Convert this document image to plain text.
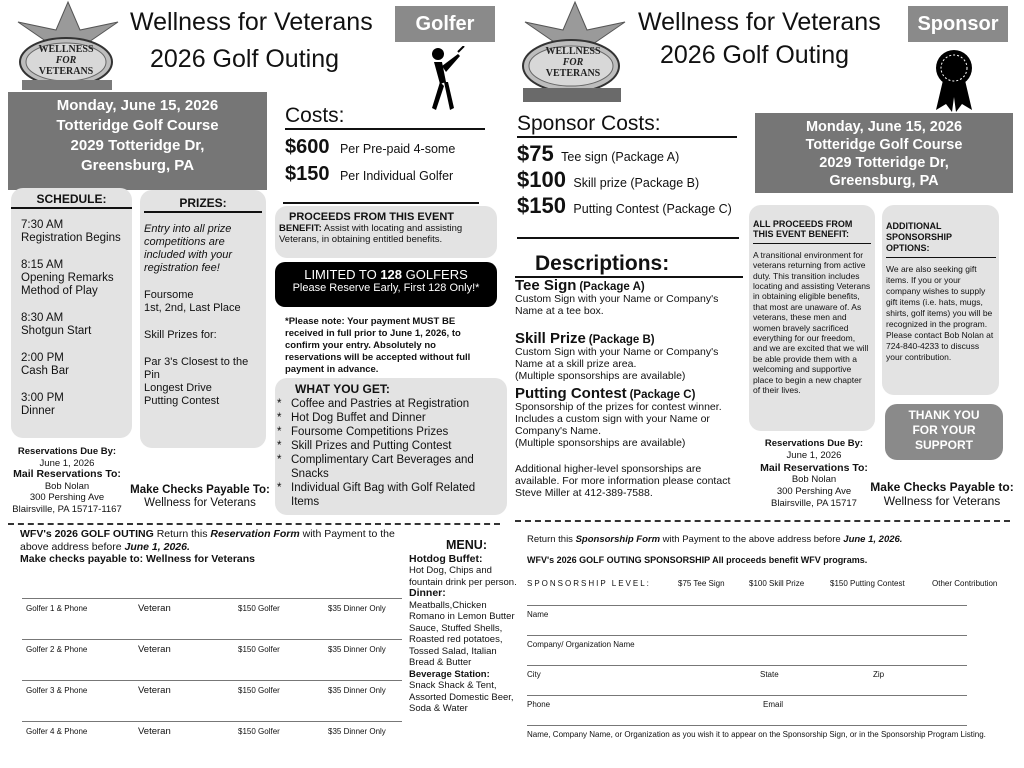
WELLNESS
FOR
VETERANS
Wellness for Veterans
2026 Golf Outing
Golfer
Monday, June 15, 2026
Totteridge Golf Course
2029 Totteridge Dr,
Greensburg, PA
Costs:
$600 Per Pre-paid 4-some
$150 Per Individual Golfer
SCHEDULE:
7:30 AM
Registration Begins
8:15 AM
Opening Remarks
Method of Play
8:30 AM
Shotgun Start
2:00 PM
Cash Bar
3:00 PM
Dinner
PRIZES:
Entry into all prize competitions are included with your registration fee!
Foursome
1st, 2nd, Last Place
Skill Prizes for:
Par 3's Closest to the Pin
Longest Drive
Putting Contest
PROCEEDS FROM THIS EVENT
BENEFIT: Assist with locating and assisting Veterans, in obtaining entitled benefits.
LIMITED TO 128 GOLFERS
Please Reserve Early, First 128 Only!*
*Please note: Your payment MUST BE received in full prior to June 1, 2026, to confirm your entry. Absolutely no reservations will be accepted without full payment in advance.
WHAT YOU GET:
* Coffee and Pastries at Registration
* Hot Dog Buffet and Dinner
* Foursome Competitions Prizes
* Skill Prizes and Putting Contest
* Complimentary Cart Beverages and Snacks
* Individual Gift Bag with Golf Related Items
Reservations Due By:
June 1, 2026
Mail Reservations To:
Bob Nolan
300 Pershing Ave
Blairsville, PA 15717-1167
Make Checks Payable To:
Wellness for Veterans
WFV's 2026 GOLF OUTING Return this Reservation Form with Payment to the above address before June 1, 2026.
Make checks payable to: Wellness for Veterans
Golfer 1 & Phone	Veteran	$150 Golfer	$35 Dinner Only
Golfer 2 & Phone	Veteran	$150 Golfer	$35 Dinner Only
Golfer 3 & Phone	Veteran	$150 Golfer	$35 Dinner Only
Golfer 4 & Phone	Veteran	$150 Golfer	$35 Dinner Only
MENU:
Hotdog Buffet:
Hot Dog, Chips and fountain drink per person.
Dinner:
Meatballs,Chicken Romano in Lemon Butter Sauce, Stuffed Shells, Roasted red potatoes, Tossed Salad, Italian Bread & Butter
Beverage Station:
Snack Shack & Tent, Assorted Domestic Beer, Soda & Water
WELLNESS
FOR
VETERANS
Wellness for Veterans
2026 Golf Outing
Sponsor
Sponsor Costs:
$75 Tee sign (Package A)
$100 Skill prize (Package B)
$150 Putting Contest (Package C)
Monday, June 15, 2026
Totteridge Golf Course
2029 Totteridge Dr,
Greensburg, PA
Descriptions:
Tee Sign (Package A)
Custom Sign with your Name or Company's Name at a tee box.
Skill Prize (Package B)
Custom Sign with your Name or Company's Name at a skill prize area.
(Multiple sponsorships are available)
Putting Contest (Package C)
Sponsorship of the prizes for contest winner. Includes a custom sign with your Name or Company's Name.
(Multiple sponsorships are available)
Additional higher-level sponsorships are available. For more information please contact Steve Miller at 412-389-7588.
ALL PROCEEDS FROM THIS EVENT BENEFIT:
A transitional environment for veterans returning from active duty. This transition includes locating and assisting Veterans in obtaining eligible benefits, that most are unaware of. As veterans, these men and women bravely sacrificed everything for our freedom, and we are excited that we will be able provide them with a welcoming and supportive place to begin a new chapter of their lives.
ADDITIONAL SPONSORSHIP OPTIONS:
We are also seeking gift items. If you or your company wishes to supply gift items (i.e. hats, mugs, shirts, golf items) you will be recognized in the program. Please contact Bob Nolan at 724-840-4233 to discuss your contribution.
THANK YOU FOR YOUR SUPPORT
Reservations Due By:
June 1, 2026
Mail Reservations To:
Bob Nolan
300 Pershing Ave
Blairsville, PA 15717
Make Checks Payable to:
Wellness for Veterans
Return this Sponsorship Form with Payment to the above address before June 1, 2026.
WFV's 2026 GOLF OUTING SPONSORSHIP All proceeds benefit WFV programs.
SPONSORSHIP LEVEL:	$75 Tee Sign	$100 Skill Prize	$150 Putting Contest	Other Contribution
Name
Company/ Organization Name
City	State	Zip
Phone	Email
Name, Company Name, or Organization as you wish it to appear on the Sponsorship Sign, or in the Sponsorship Program Listing.
